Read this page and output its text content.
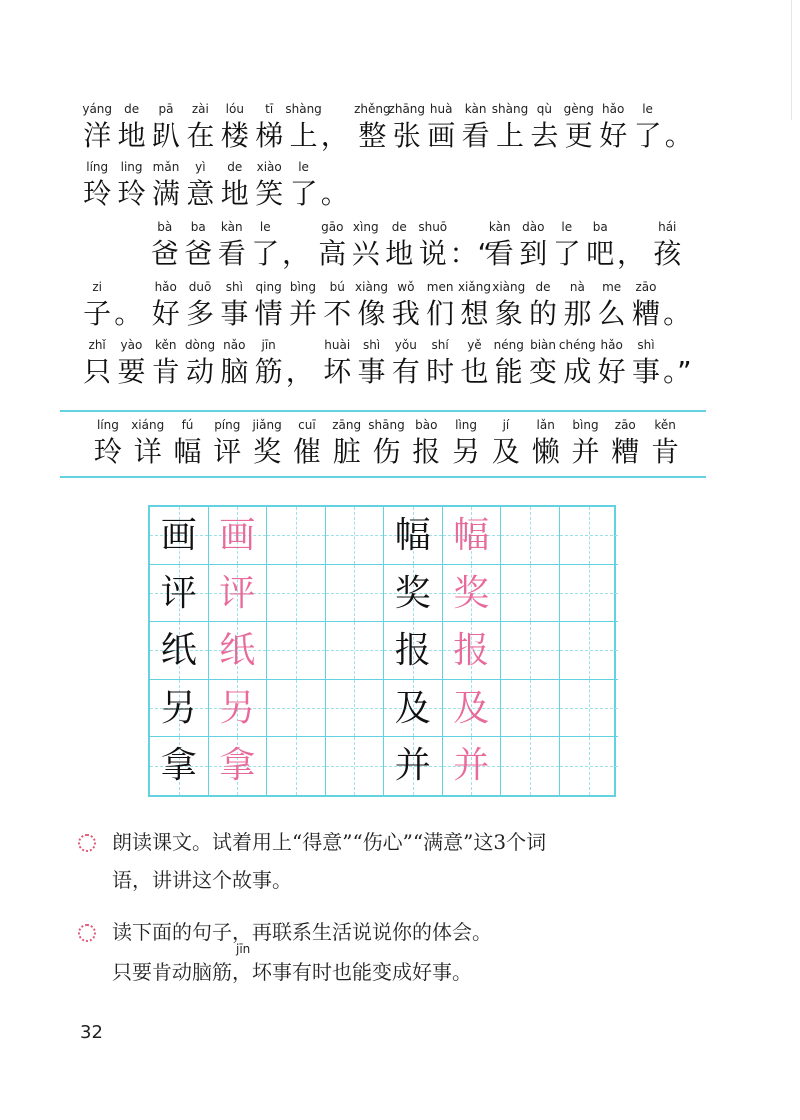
yáng
洋
de
地
pā
趴
zài
在
lóu
楼
tī
梯
shàng
上 ，
zhěng
整
zhāng
张
huà
画
kàn
看
shàng
上
qù
去
gèng
更
hǎo
好
le
了 。
líng
玲
ling
玲
mǎn
满
yì
意
de
地
xiào
笑
le
了 。
bà
爸
ba
爸
kàn
看
le
了 ，
gāo
高
xìng
兴
de
地
shuō
说 ：“
kàn
看
dào
到
le
了
ba
吧 ，
hái
孩
zi
子 。
hǎo
好
duō
多
shì
事
qing
情
bìng
并
bú
不
xiàng
像
wǒ
我
men
们
xiǎng
想
xiàng
象
de
的
nà
那
me
么
zāo
糟 。
zhǐ
只
yào
要
kěn
肯
dòng
动
nǎo
脑
jīn
筋 ，
huài
坏
shì
事
yǒu
有
shí
时
yě
也
néng
能
biàn
变
chéng
成
hǎo
好
shì
事 。”
líng
玲
xiáng
详
fú
幅
píng
评
jiǎng
奖
cuī
催
zāng
脏
shāng
伤
bào
报
lìng
另
jí
及
lǎn
懒
bìng
并
zāo
糟
kěn
肯
画 画	幅 幅
评 评	奖 奖
纸 纸	报 报
另 另	及 及
拿 拿	并 并
朗读课文。试着用上“得意”“伤心”“满意”这3个词
语，讲讲这个故事。
读下面的句子，再联系生活说说你的体会。
只要肯动脑筋，坏事有时也能变成好事。
jīn
32
